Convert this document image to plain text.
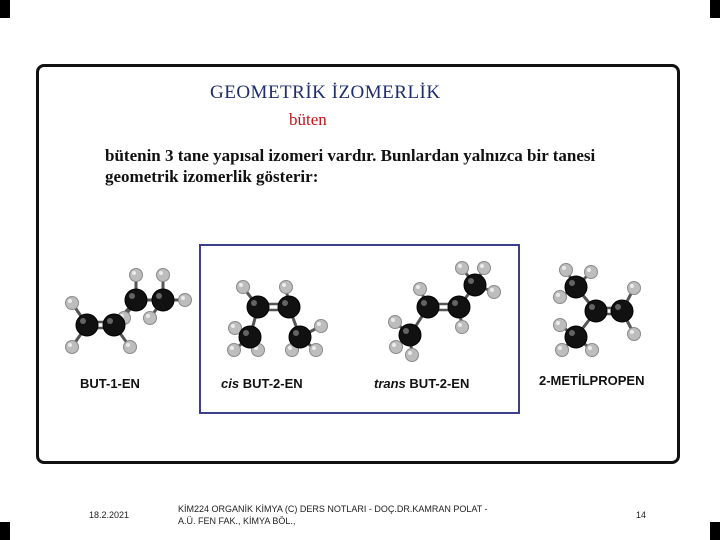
GEOMETRİK İZOMERLİK
büten

bütenin 3 tane yapısal izomeri vardır. Bunlardan yalnızca bir tanesi geometrik izomerlik gösterir:

BUT-1-EN	cis BUT-2-EN	trans BUT-2-EN	2-METİLPROPEN
18.2.2021
KİM224 ORGANİK KİMYA (C) DERS NOTLARI - DOÇ.DR.KAMRAN POLAT -
A.Ü. FEN FAK., KİMYA BÖL.,
14
